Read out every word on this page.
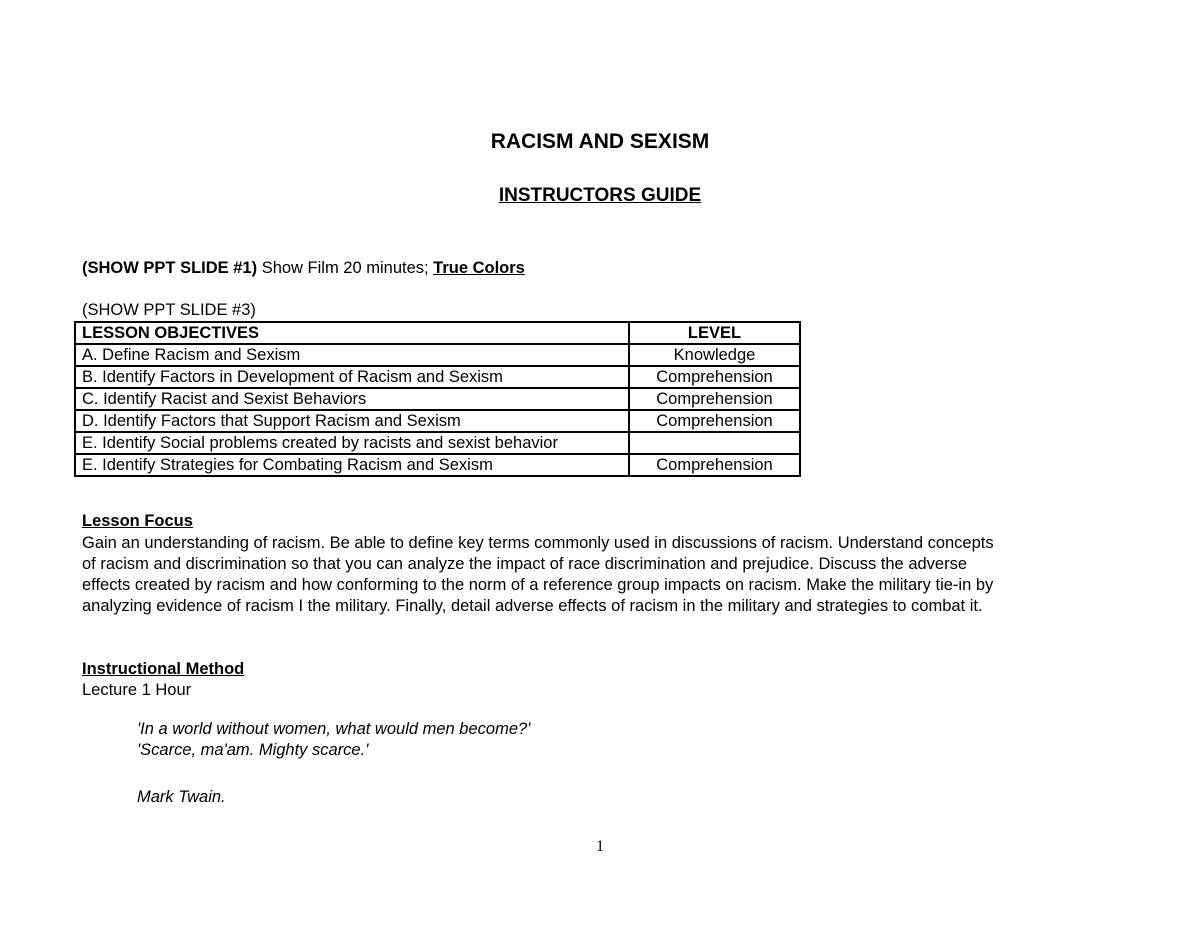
RACISM AND SEXISM
INSTRUCTORS GUIDE
(SHOW PPT SLIDE #1) Show Film 20 minutes; True Colors
(SHOW PPT SLIDE #3)
LESSON OBJECTIVES	LEVEL
A. Define Racism and Sexism	Knowledge
B. Identify Factors in Development of Racism and Sexism	Comprehension
C. Identify Racist and Sexist Behaviors	Comprehension
D. Identify Factors that Support Racism and Sexism	Comprehension
E. Identify Social problems created by racists and sexist behavior	
E. Identify Strategies for Combating Racism and Sexism	Comprehension
Lesson Focus
Gain an understanding of racism. Be able to define key terms commonly used in discussions of racism. Understand concepts
of racism and discrimination so that you can analyze the impact of race discrimination and prejudice. Discuss the adverse
effects created by racism and how conforming to the norm of a reference group impacts on racism. Make the military tie-in by
analyzing evidence of racism I the military. Finally, detail adverse effects of racism in the military and strategies to combat it.
Instructional Method
Lecture 1 Hour
'In a world without women, what would men become?'
'Scarce, ma'am. Mighty scarce.'
Mark Twain.
1
